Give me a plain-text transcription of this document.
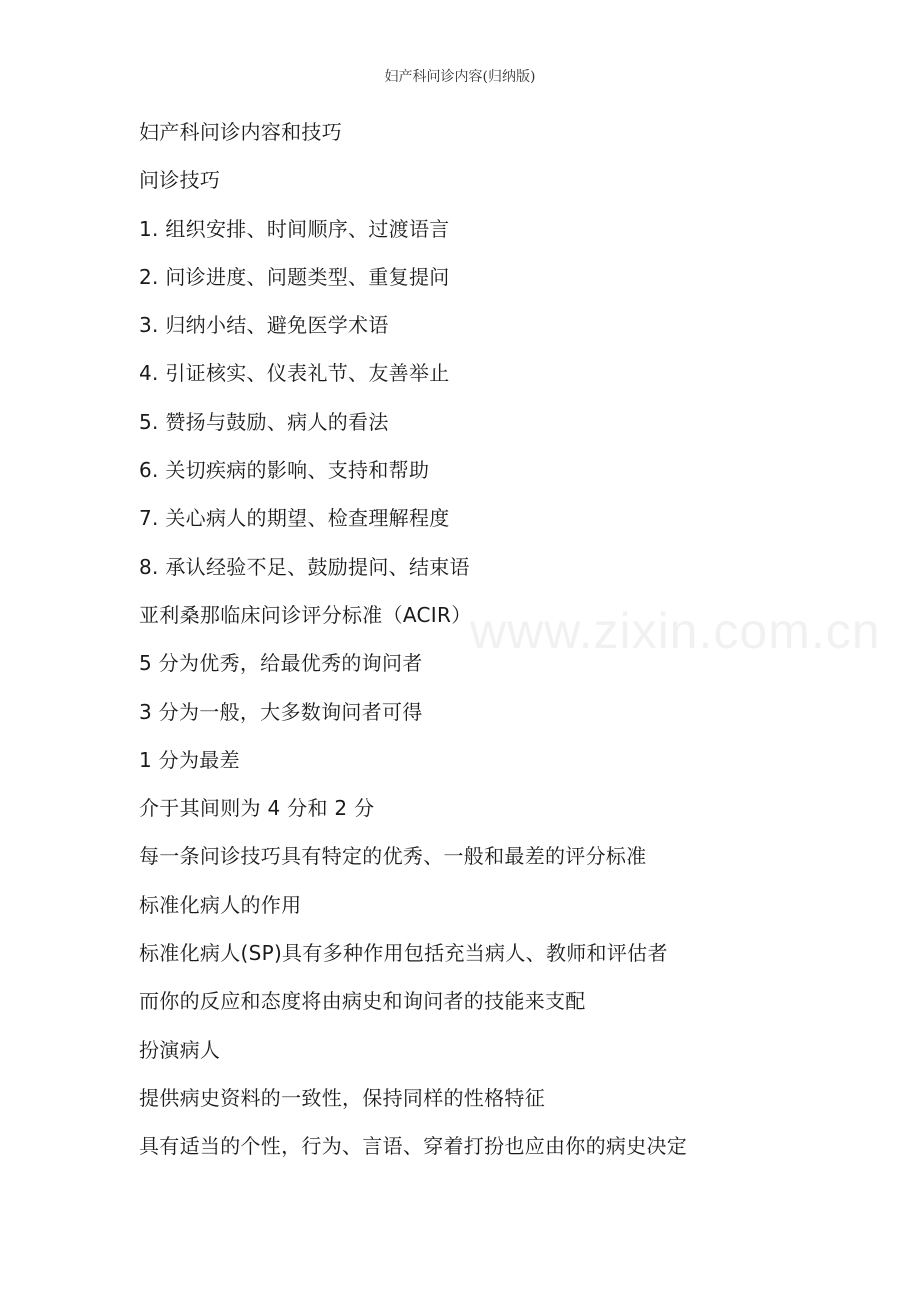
妇产科问诊内容(归纳版)
妇产科问诊内容和技巧
问诊技巧
1. 组织安排、时间顺序、过渡语言
2. 问诊进度、问题类型、重复提问
3. 归纳小结、避免医学术语
4. 引证核实、仪表礼节、友善举止
5. 赞扬与鼓励、病人的看法
6. 关切疾病的影响、支持和帮助
7. 关心病人的期望、检查理解程度
8. 承认经验不足、鼓励提问、结束语
亚利桑那临床问诊评分标准（ACIR）
5 分为优秀，给最优秀的询问者
3 分为一般，大多数询问者可得
1 分为最差
介于其间则为 4 分和 2 分
每一条问诊技巧具有特定的优秀、一般和最差的评分标准
标准化病人的作用
标准化病人(SP)具有多种作用包括充当病人、教师和评估者
而你的反应和态度将由病史和询问者的技能来支配
扮演病人
提供病史资料的一致性，保持同样的性格特征
具有适当的个性，行为、言语、穿着打扮也应由你的病史决定
www.zixin.com.cn
